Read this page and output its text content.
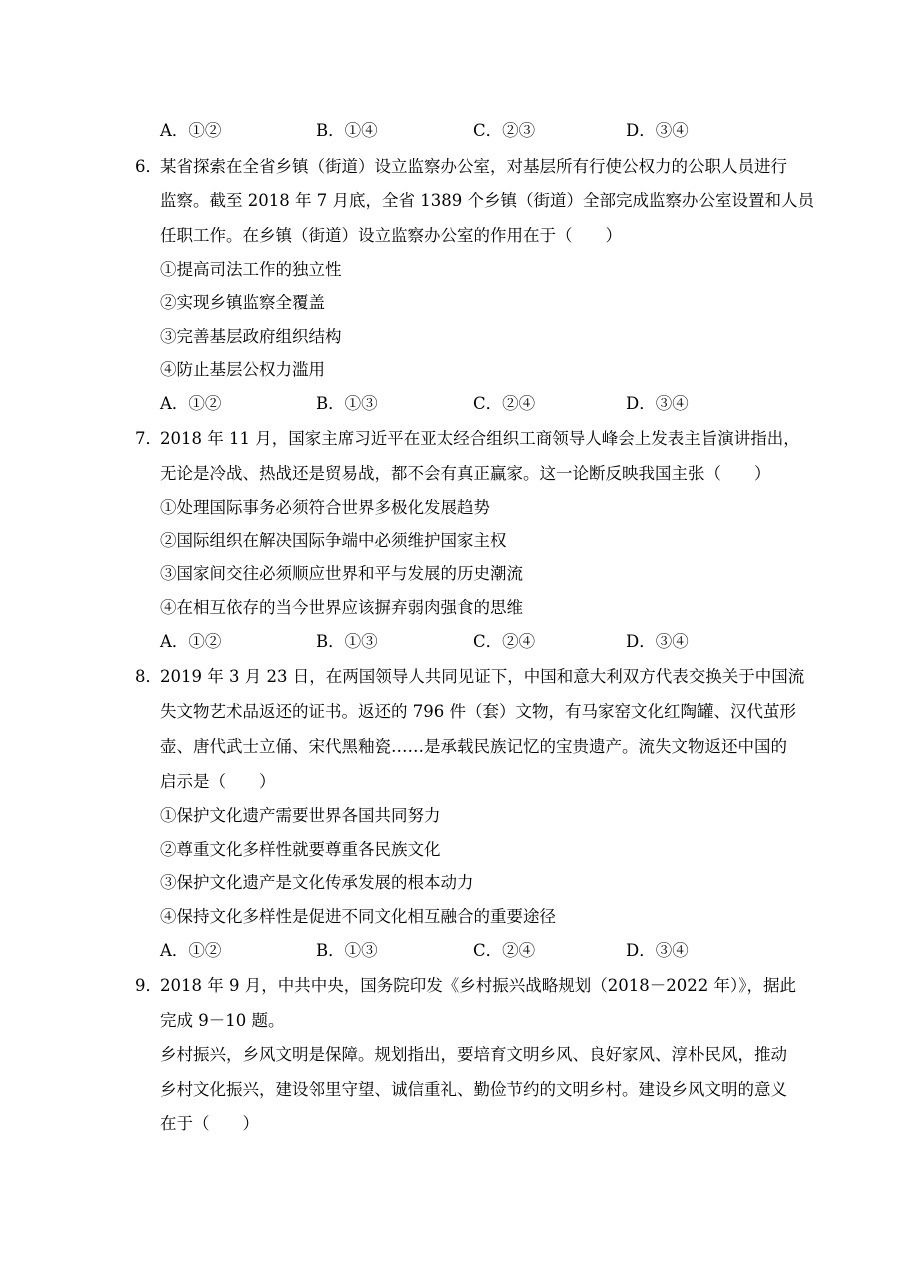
A．①②	B．①④	C．②③	D．③④
6．
某省探索在全省乡镇（街道）设立监察办公室，对基层所有行使公权力的公职人员进行
监察。截至 2018 年 7 月底，全省 1389 个乡镇（街道）全部完成监察办公室设置和人员
任职工作。在乡镇（街道）设立监察办公室的作用在于（　　）
①提高司法工作的独立性
②实现乡镇监察全覆盖
③完善基层政府组织结构
④防止基层公权力滥用
A．①②	B．①③	C．②④	D．③④
7．
2018 年 11 月，国家主席习近平在亚太经合组织工商领导人峰会上发表主旨演讲指出，
无论是冷战、热战还是贸易战，都不会有真正赢家。这一论断反映我国主张（　　）
①处理国际事务必须符合世界多极化发展趋势
②国际组织在解决国际争端中必须维护国家主权
③国家间交往必须顺应世界和平与发展的历史潮流
④在相互依存的当今世界应该摒弃弱肉强食的思维
A．①②	B．①③	C．②④	D．③④
8．
2019 年 3 月 23 日，在两国领导人共同见证下，中国和意大利双方代表交换关于中国流
失文物艺术品返还的证书。返还的 796 件（套）文物，有马家窑文化红陶罐、汉代茧形
壶、唐代武士立俑、宋代黑釉瓷……是承载民族记忆的宝贵遗产。流失文物返还中国的
启示是（　　）
①保护文化遗产需要世界各国共同努力
②尊重文化多样性就要尊重各民族文化
③保护文化遗产是文化传承发展的根本动力
④保持文化多样性是促进不同文化相互融合的重要途径
A．①②	B．①③	C．②④	D．③④
9．
2018 年 9 月，中共中央，国务院印发《乡村振兴战略规划（2018－2022 年）》，据此
完成 9－10 题。
乡村振兴，乡风文明是保障。规划指出，要培育文明乡风、良好家风、淳朴民风，推动
乡村文化振兴，建设邻里守望、诚信重礼、勤俭节约的文明乡村。建设乡风文明的意义
在于（　　）
